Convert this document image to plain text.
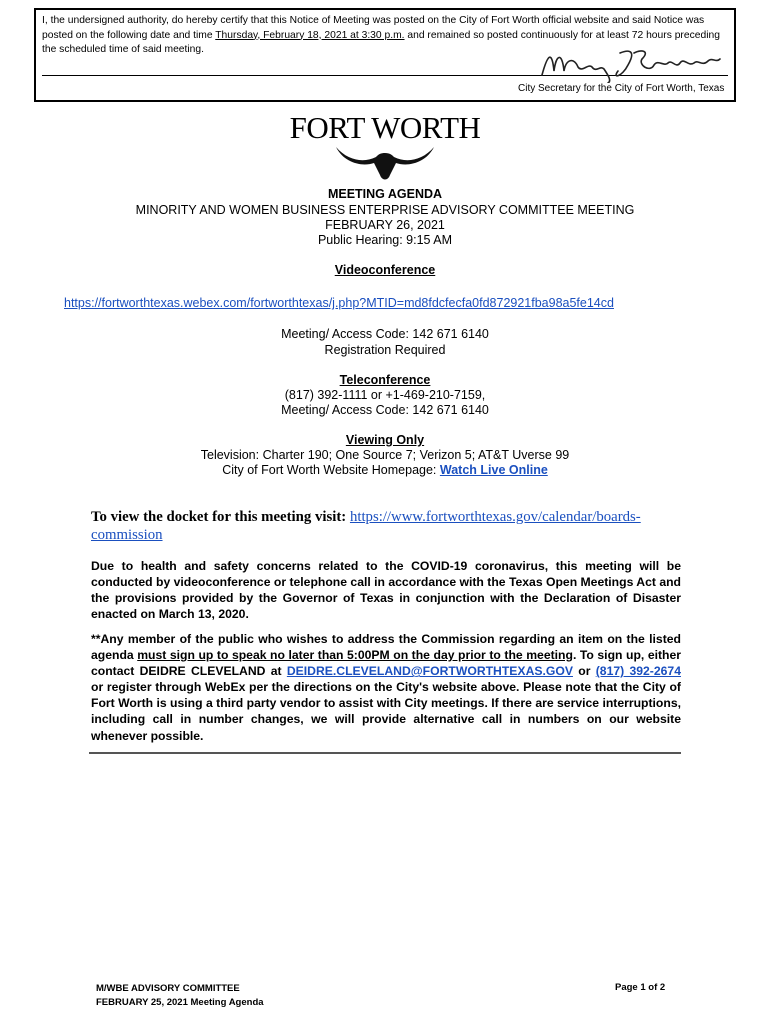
I, the undersigned authority, do hereby certify that this Notice of Meeting was posted on the City of Fort Worth official website and said Notice was posted on the following date and time Thursday, February 18, 2021 at 3:30 p.m. and remained so posted continuously for at least 72 hours preceding the scheduled time of said meeting.
City Secretary for the City of Fort Worth, Texas
FORT WORTH
MEETING AGENDA
MINORITY AND WOMEN BUSINESS ENTERPRISE ADVISORY COMMITTEE MEETING
FEBRUARY 26, 2021
Public Hearing: 9:15 AM
Videoconference
https://fortworthtexas.webex.com/fortworthtexas/j.php?MTID=md8fdcfecfa0fd872921fba98a5fe14cd
Meeting/ Access Code: 142 671 6140
Registration Required
Teleconference
(817) 392-1111 or +1-469-210-7159,
Meeting/ Access Code: 142 671 6140
Viewing Only
Television: Charter 190; One Source 7; Verizon 5; AT&T Uverse 99
City of Fort Worth Website Homepage: Watch Live Online
To view the docket for this meeting visit: https://www.fortworthtexas.gov/calendar/boards-commission
Due to health and safety concerns related to the COVID-19 coronavirus, this meeting will be conducted by videoconference or telephone call in accordance with the Texas Open Meetings Act and the provisions provided by the Governor of Texas in conjunction with the Declaration of Disaster enacted on March 13, 2020.
**Any member of the public who wishes to address the Commission regarding an item on the listed agenda must sign up to speak no later than 5:00PM on the day prior to the meeting. To sign up, either contact DEIDRE CLEVELAND at DEIDRE.CLEVELAND@FORTWORTHTEXAS.GOV or (817) 392-2674 or register through WebEx per the directions on the City's website above. Please note that the City of Fort Worth is using a third party vendor to assist with City meetings. If there are service interruptions, including call in number changes, we will provide alternative call in numbers on our website whenever possible.
M/WBE ADVISORY COMMITTEE
FEBRUARY 25, 2021 Meeting Agenda
Page 1 of 2
